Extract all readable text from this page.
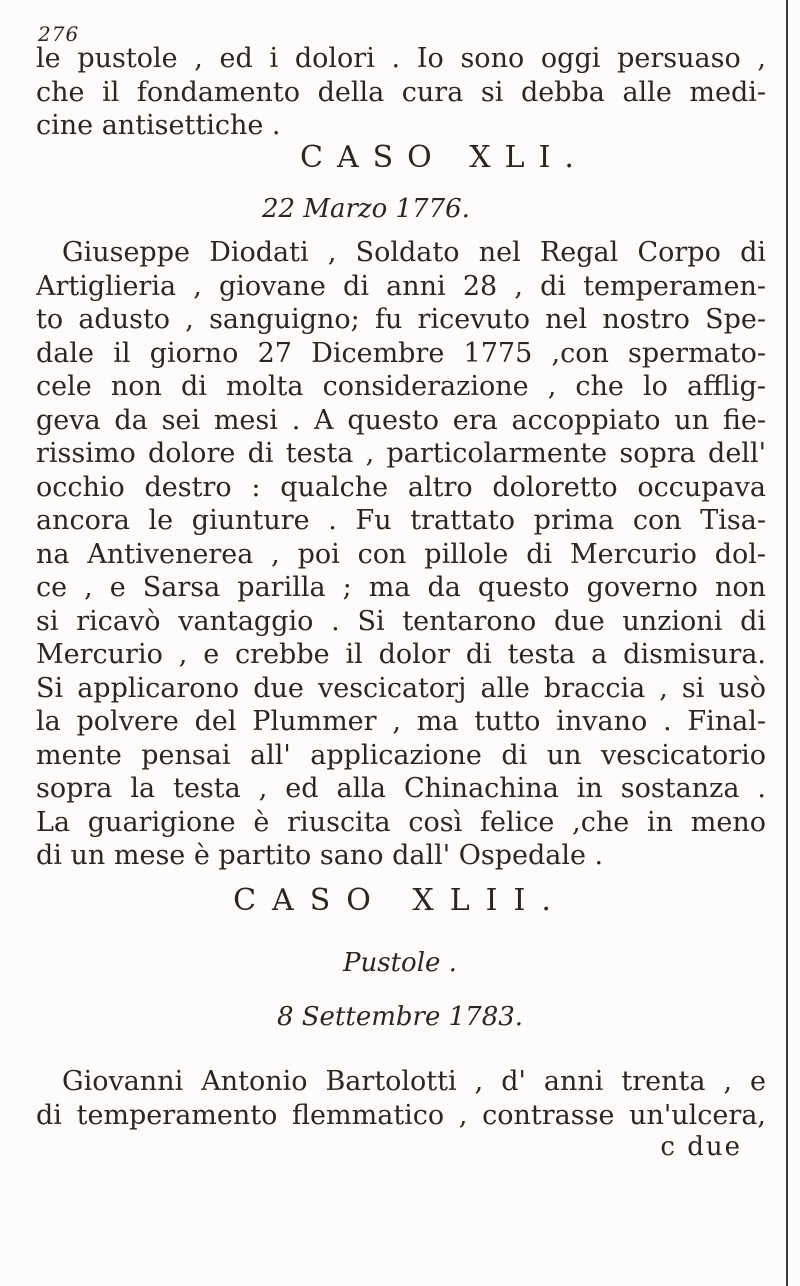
276
le pustole , ed i dolori . Io sono oggi persuaso ,
che il fondamento della cura si debba alle medi-
cine antisettiche .
CASO XLI.
22 Marzo 1776.
Giuseppe Diodati , Soldato nel Regal Corpo di
Artiglieria , giovane di anni 28 , di temperamen-
to adusto , sanguigno; fu ricevuto nel nostro Spe-
dale il giorno 27 Dicembre 1775 ,con spermato-
cele non di molta considerazione , che lo afflig-
geva da sei mesi . A questo era accoppiato un fie-
rissimo dolore di testa , particolarmente sopra dell'
occhio destro : qualche altro doloretto occupava
ancora le giunture . Fu trattato prima con Tisa-
na Antivenerea , poi con pillole di Mercurio dol-
ce , e Sarsa parilla ; ma da questo governo non
si ricavò vantaggio . Si tentarono due unzioni di
Mercurio , e crebbe il dolor di testa a dismisura.
Si applicarono due vescicatorj alle braccia , si usò
la polvere del Plummer , ma tutto invano . Final-
mente pensai all' applicazione di un vescicatorio
sopra la testa , ed alla Chinachina in sostanza .
La guarigione è riuscita così felice ,che in meno
di un mese è partito sano dall' Ospedale .
CASO XLII.
Pustole .
8 Settembre 1783.
Giovanni Antonio Bartolotti , d' anni trenta , e
di temperamento flemmatico , contrasse un'ulcera,
c due
